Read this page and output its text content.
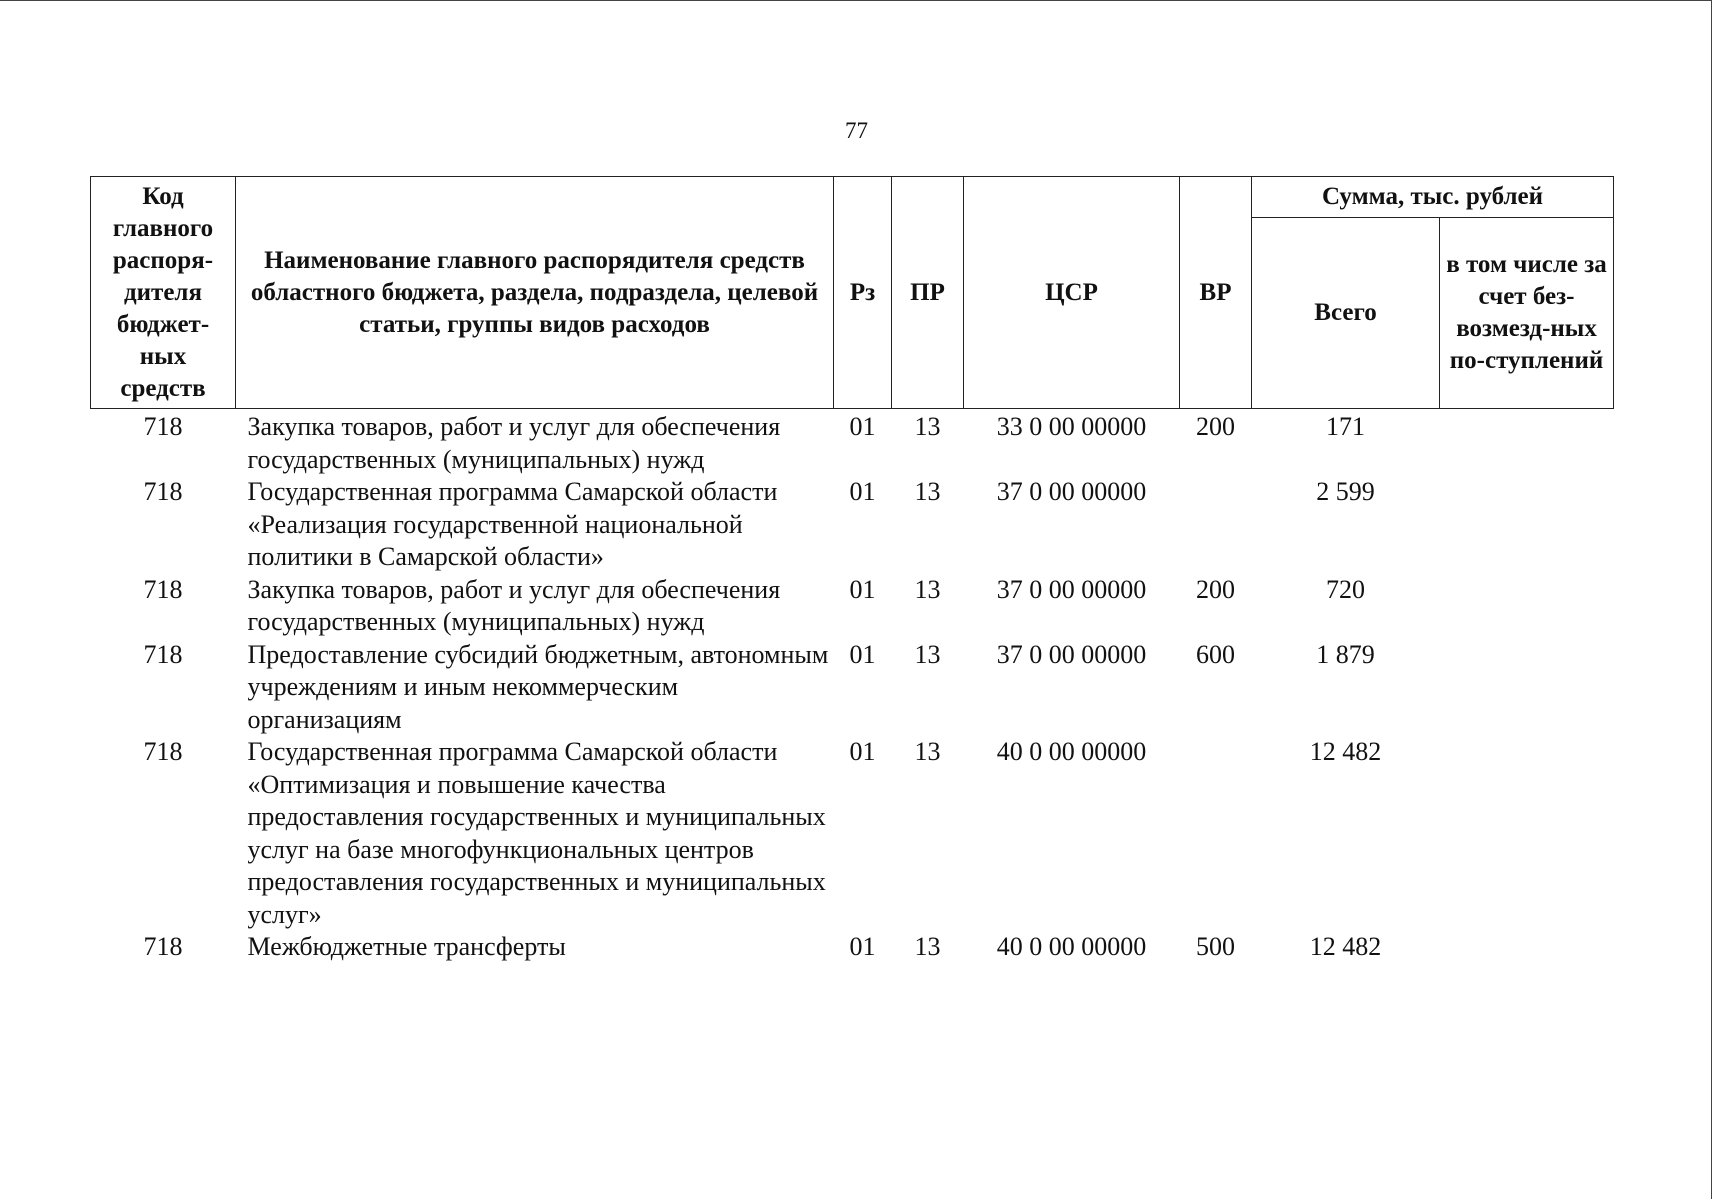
77
Код главного распоря-дителя бюджет-ных средств	Наименование главного распорядителя средств областного бюджета, раздела, подраздела, целевой статьи, группы видов расходов	Рз	ПР	ЦСР	ВР	Сумма, тыс. рублей	
						Всего	в том числе за счет без-возмезд-ных по-ступлений
718	Закупка товаров, работ и услуг для обеспечения государственных (муниципальных) нужд	01	13	33 0 00 00000	200	171	
718	Государственная программа Самарской области «Реализация государственной национальной политики в Самарской области»	01	13	37 0 00 00000		2 599	
718	Закупка товаров, работ и услуг для обеспечения государственных (муниципальных) нужд	01	13	37 0 00 00000	200	720	
718	Предоставление субсидий бюджетным, автономным учреждениям и иным некоммерческим организациям	01	13	37 0 00 00000	600	1 879	
718	Государственная программа Самарской области «Оптимизация и повышение качества предоставления государственных и муниципальных услуг на базе многофункциональных центров предоставления государственных и муниципальных услуг»	01	13	40 0 00 00000		12 482	
718	Межбюджетные трансферты	01	13	40 0 00 00000	500	12 482	
